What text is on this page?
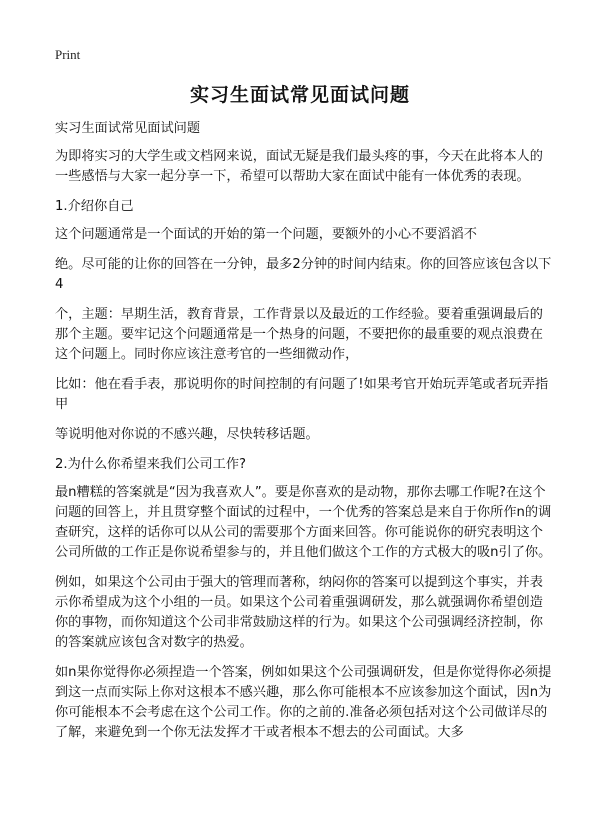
Print
实习生面试常见面试问题

实习生面试常见面试问题

为即将实习的大学生或文档网来说，面试无疑是我们最头疼的事，今天在此将本人的一些感悟与大家一起分享一下，希望可以帮助大家在面试中能有一体优秀的表现。

1.介绍你自己

这个问题通常是一个面试的开始的第一个问题，要额外的小心不要滔滔不

绝。尽可能的让你的回答在一分钟，最多2分钟的时间内结束。你的回答应该包含以下4

个，主题：早期生活，教育背景，工作背景以及最近的工作经验。要着重强调最后的那个主题。要牢记这个问题通常是一个热身的问题，不要把你的最重要的观点浪费在这个问题上。同时你应该注意考官的一些细微动作，

比如：他在看手表，那说明你的时间控制的有问题了!如果考官开始玩弄笔或者玩弄指甲

等说明他对你说的不感兴趣，尽快转移话题。

2.为什么你希望来我们公司工作?

最n糟糕的答案就是“因为我喜欢人”。要是你喜欢的是动物，那你去哪工作呢?在这个问题的回答上，并且贯穿整个面试的过程中，一个优秀的答案总是来自于你所作n的调查研究，这样的话你可以从公司的需要那个方面来回答。你可能说你的研究表明这个公司所做的工作正是你说希望参与的，并且他们做这个工作的方式极大的吸n引了你。

例如，如果这个公司由于强大的管理而著称，纳闷你的答案可以提到这个事实，并表示你希望成为这个小组的一员。如果这个公司着重强调研发，那么就强调你希望创造你的事物，而你知道这个公司非常鼓励这样的行为。如果这个公司强调经济控制，你的答案就应该包含对数字的热爱。

如n果你觉得你必须捏造一个答案，例如如果这个公司强调研发，但是你觉得你必须提到这一点而实际上你对这根本不感兴趣，那么你可能根本不应该参加这个面试，因n为你可能根本不会考虑在这个公司工作。你的之前的.准备必须包括对这个公司做详尽的了解，来避免到一个你无法发挥才干或者根本不想去的公司面试。大多
